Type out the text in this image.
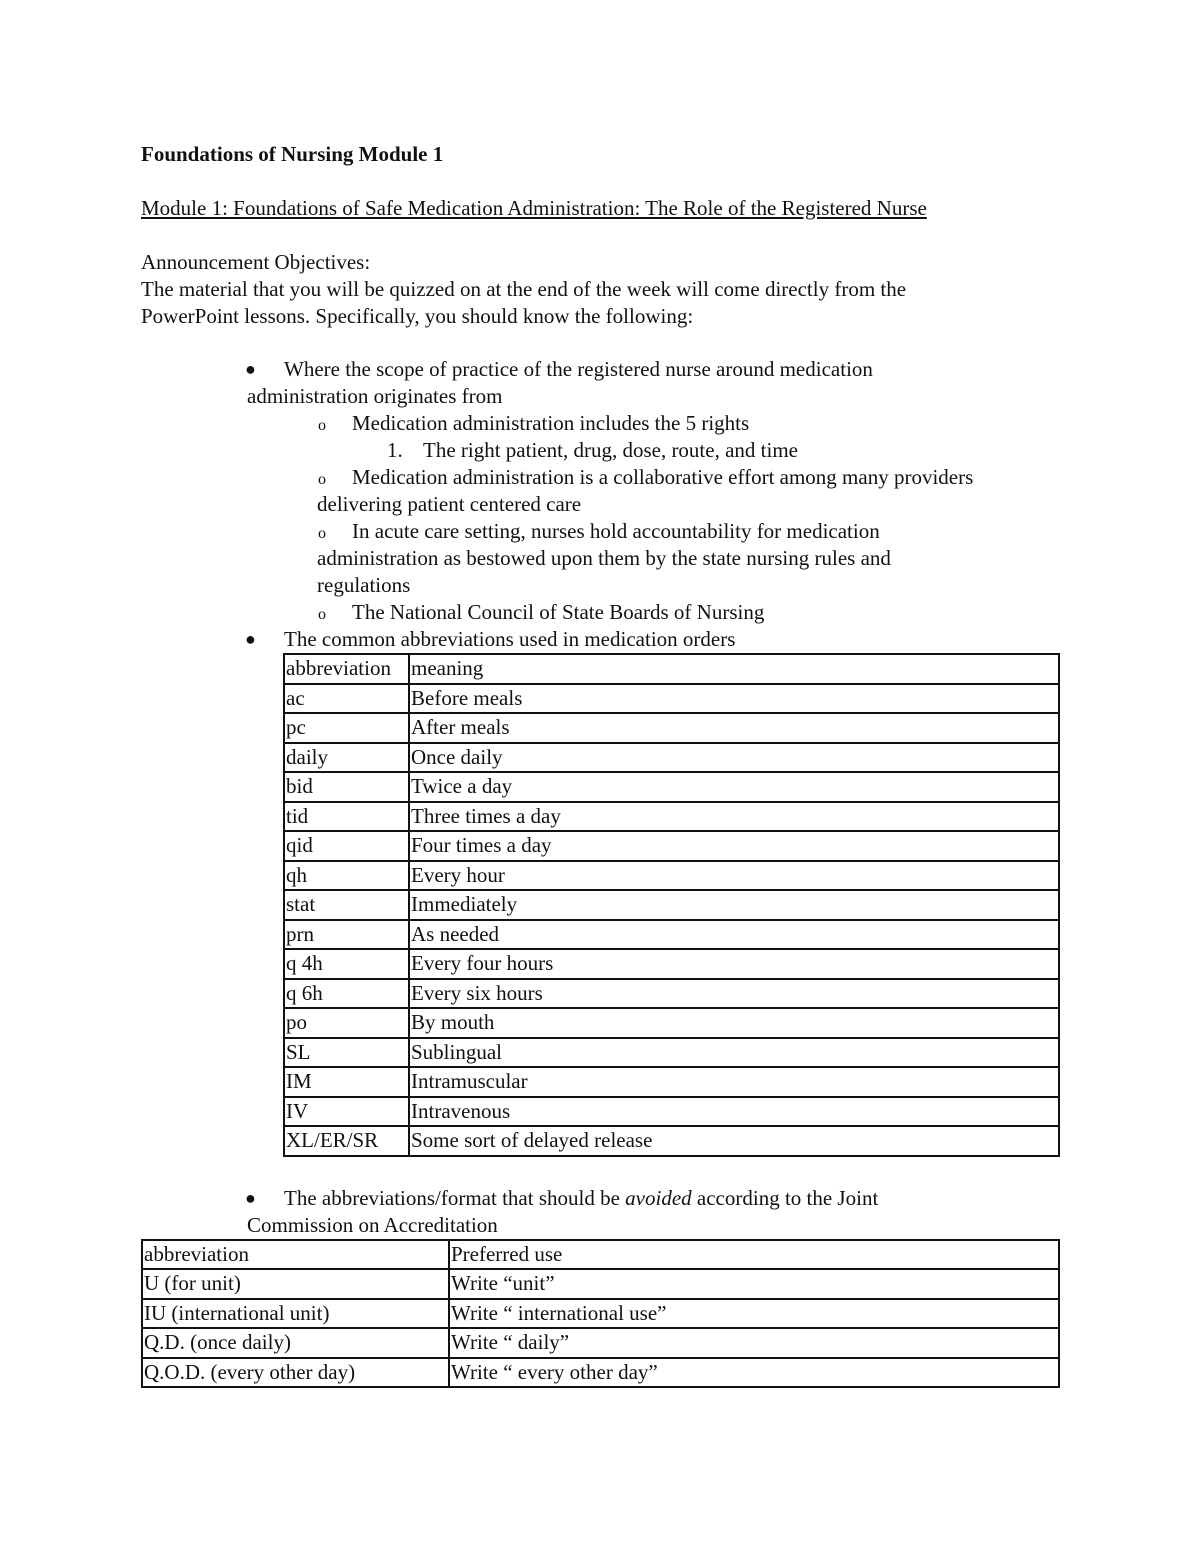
Foundations of Nursing Module 1
Module 1: Foundations of Safe Medication Administration: The Role of the Registered Nurse
Announcement Objectives:
The material that you will be quizzed on at the end of the week will come directly from the
PowerPoint lessons. Specifically, you should know the following:
●	Where the scope of practice of the registered nurse around medication
administration originates from
o	Medication administration includes the 5 rights
1. The right patient, drug, dose, route, and time
o	Medication administration is a collaborative effort among many providers
delivering patient centered care
o	In acute care setting, nurses hold accountability for medication
administration as bestowed upon them by the state nursing rules and
regulations
o	The National Council of State Boards of Nursing
●	The common abbreviations used in medication orders
abbreviation	meaning
ac	Before meals
pc	After meals
daily	Once daily
bid	Twice a day
tid	Three times a day
qid	Four times a day
qh	Every hour
stat	Immediately
prn	As needed
q 4h	Every four hours
q 6h	Every six hours
po	By mouth
SL	Sublingual
IM	Intramuscular
IV	Intravenous
XL/ER/SR	Some sort of delayed release
●	The abbreviations/format that should be avoided according to the Joint
Commission on Accreditation
abbreviation	Preferred use
U (for unit)	Write “unit”
IU (international unit)	Write “ international use”
Q.D. (once daily)	Write “ daily”
Q.O.D. (every other day)	Write “ every other day”
